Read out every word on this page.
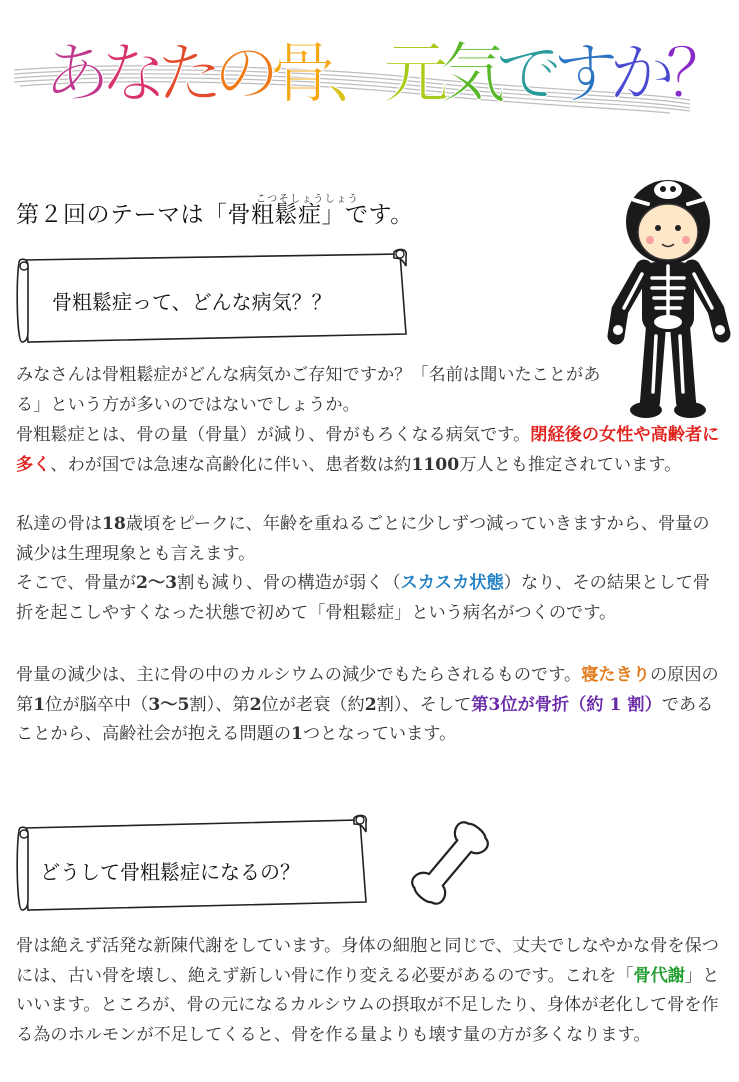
あ
な
た
の
骨
、
元
気
で
す
か
？
こつそしょうしょう
第２回のテーマは「骨粗鬆症」です。
骨粗鬆症って、どんな病気？？

みなさんは骨粗鬆症がどんな病気かご存知ですか？「名前は聞いたことがある」という方が多いのではないでしょうか。

骨粗鬆症とは、骨の量（骨量）が減り、骨がもろくなる病気です。閉経後の女性や高齢者に多く、わが国では急速な高齢化に伴い、患者数は約1100万人とも推定されています。

私達の骨は18歳頃をピークに、年齢を重ねるごとに少しずつ減っていきますから、骨量の減少は生理現象とも言えます。

そこで、骨量が2〜3割も減り、骨の構造が弱く（スカスカ状態）なり、その結果として骨折を起こしやすくなった状態で初めて「骨粗鬆症」という病名がつくのです。

骨量の減少は、主に骨の中のカルシウムの減少でもたらされるものです。寝たきりの原因の第1位が脳卒中（3〜5割）、第2位が老衰（約2割）、そして第3位が骨折（約 1 割）であることから、高齢社会が抱える問題の1つとなっています。

どうして骨粗鬆症になるの？

骨は絶えず活発な新陳代謝をしています。身体の細胞と同じで、丈夫でしなやかな骨を保つには、古い骨を壊し、絶えず新しい骨に作り変える必要があるのです。これを「骨代謝」といいます。ところが、骨の元になるカルシウムの摂取が不足したり、身体が老化して骨を作る為のホルモンが不足してくると、骨を作る量よりも壊す量の方が多くなります。
